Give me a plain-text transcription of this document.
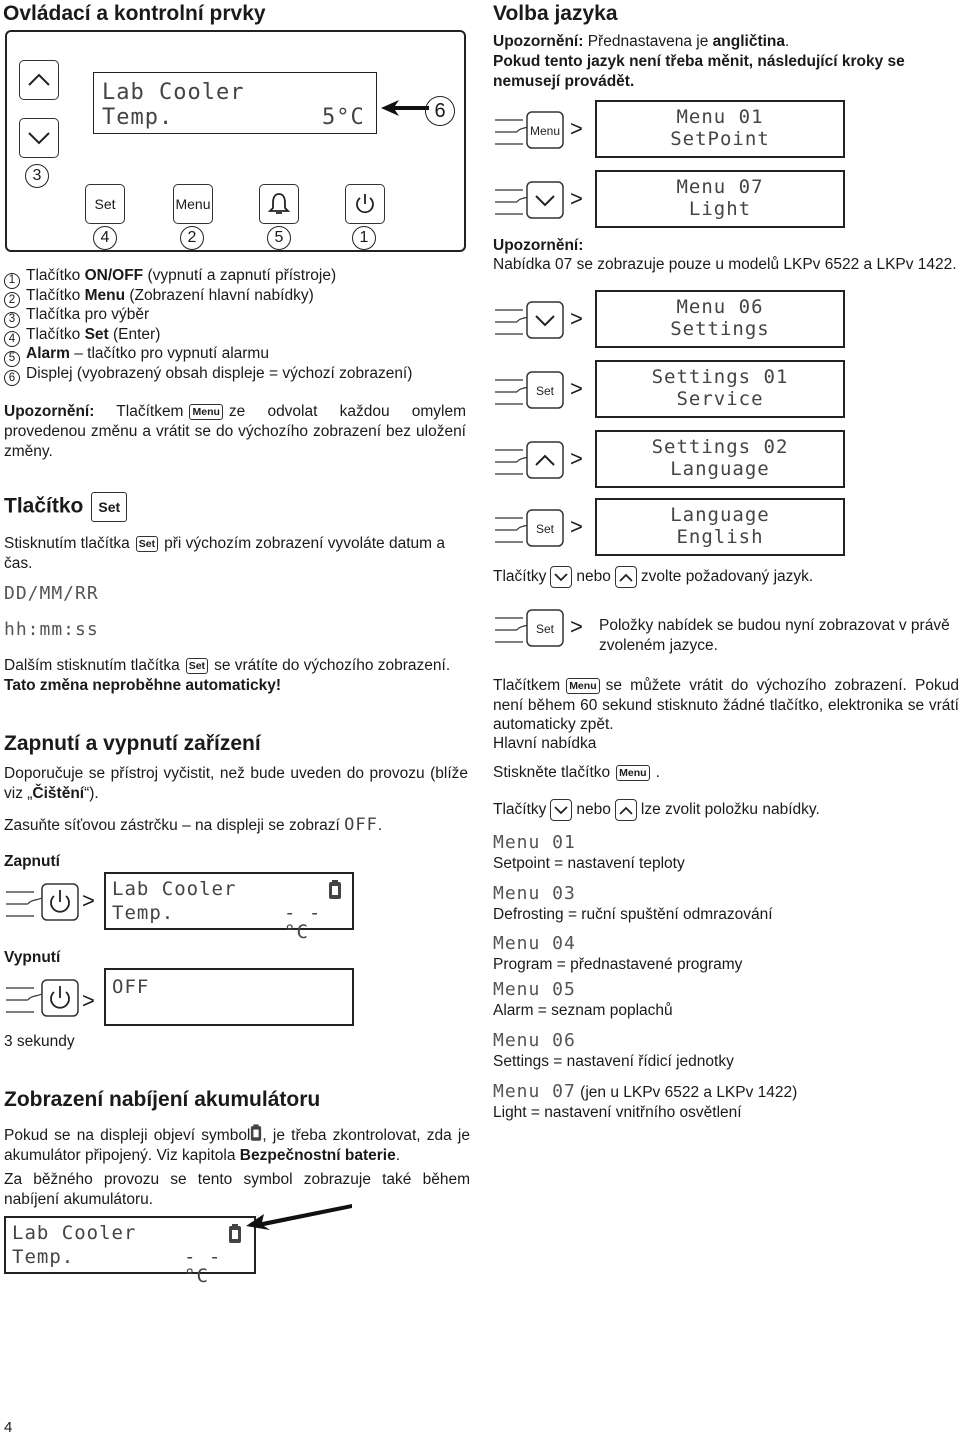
Ovládací a kontrolní prvky
3
Lab Cooler
Temp.	5°C	6
Set	Menu
4	2	5	1
1 Tlačítko ON/OFF (vypnutí a zapnutí přístroje)
2 Tlačítko Menu (Zobrazení hlavní nabídky)
3 Tlačítka pro výběr
4 Tlačítko Set (Enter)
5 Alarm – tlačítko pro vypnutí alarmu
6 Displej (vyobrazený obsah displeje = výchozí zobrazení)

Upozornění: Tlačítkem Menu ze odvolat každou omylem provedenou změnu a vrátit se do výchozího zobrazení bez uložení změny.

Tlačítko Set

Stisknutím tlačítka Set při výchozím zobrazení vyvoláte datum a čas.

DD/MM/RR
hh:mm:ss

Dalším stisknutím tlačítka Set se vrátíte do výchozího zobrazení.
Tato změna neproběhne automaticky!

Zapnutí a vypnutí zařízení

Doporučuje se přístroj vyčistit, než bude uveden do provozu (blíže viz „Čištění“).

Zasuňte síťovou zástrčku – na displeji se zobrazí OFF.

Zapnutí
> Lab Cooler
Temp.	- - °C
Vypnutí
>
OFF
3 sekundy
Zobrazení nabíjení akumulátoru

Pokud se na displeji objeví symbol , je třeba zkontrolovat, zda je akumulátor připojený. Viz kapitola Bezpečnostní baterie.

Za běžného provozu se tento symbol zobrazuje také během nabíjení akumulátoru.

Lab Cooler
Temp.	- - °C
4
Volba jazyka

Upozornění: Přednastavena je angličtina.
Pokud tento jazyk není třeba měnit, následující kroky se nemusejí provádět.

Menu >	Menu 01
SetPoint
>	Menu 07
Light
>	Menu 06
Settings
Set >	Settings 01
Service
>	Settings 02
Language
Set >	Language
English

Upozornění:
Nabídka 07 se zobrazuje pouze u modelů LKPv 6522 a LKPv 1422.

Tlačítky nebo zvolte požadovaný jazyk.

Set > Položky nabídek se budou nyní zobrazovat v právě zvoleném jazyce.

Tlačítkem Menu se můžete vrátit do výchozího zobrazení. Pokud není během 60 sekund stisknuto žádné tlačítko, elektronika se vrátí automaticky zpět.

Hlavní nabídka

Stiskněte tlačítko Menu .

Tlačítky nebo lze zvolit položku nabídky.

Menu 01
Setpoint = nastavení teploty
Menu 03
Defrosting = ruční spuštění odmrazování
Menu 04
Program = přednastavené programy
Menu 05
Alarm = seznam poplachů
Menu 06
Settings = nastavení řídicí jednotky
Menu 07 (jen u LKPv 6522 a LKPv 1422)
Light = nastavení vnitřního osvětlení
